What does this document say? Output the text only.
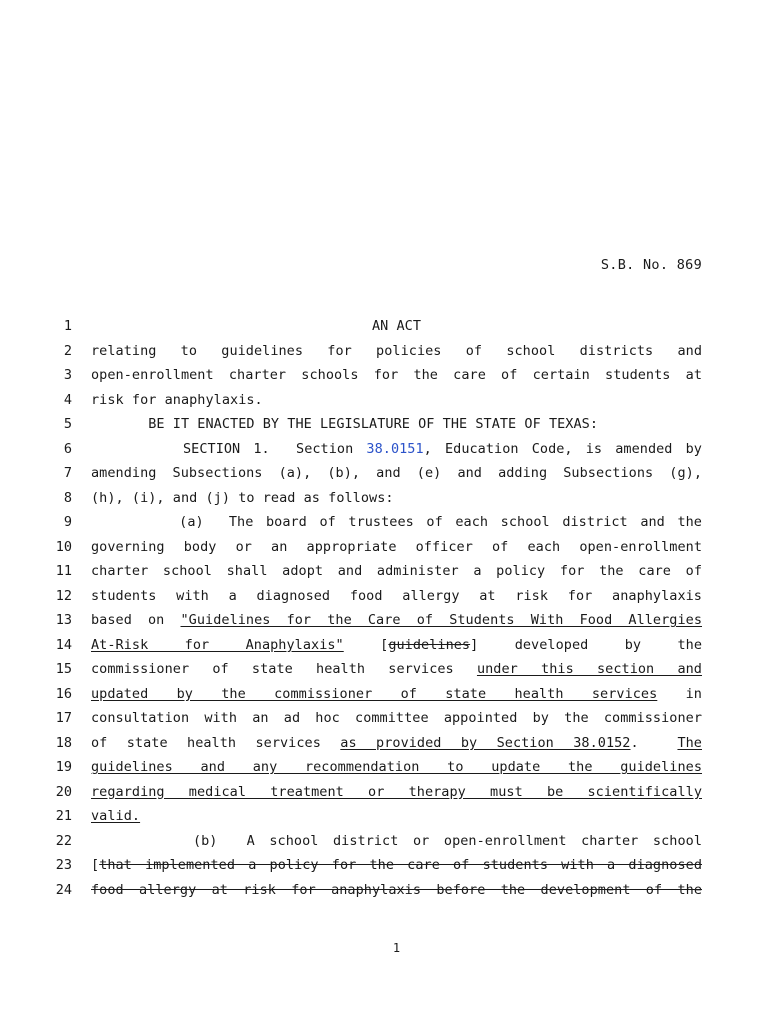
S.B. No. 869
1	AN ACT
2 relating to guidelines for policies of school districts and
3 open-enrollment charter schools for the care of certain students at
4 risk for anaphylaxis.
5 BE IT ENACTED BY THE LEGISLATURE OF THE STATE OF TEXAS:
6 SECTION 1.  Section 38.0151, Education Code, is amended by
7 amending Subsections (a), (b), and (e) and adding Subsections (g),
8 (h), (i), and (j) to read as follows:
9 (a)  The board of trustees of each school district and the
10 governing body or an appropriate officer of each open-enrollment
11 charter school shall adopt and administer a policy for the care of
12 students with a diagnosed food allergy at risk for anaphylaxis
13 based on "Guidelines for the Care of Students With Food Allergies
14 At-Risk for Anaphylaxis" [guidelines] developed by the
15 commissioner of state health services under this section and
16 updated by the commissioner of state health services in
17 consultation with an ad hoc committee appointed by the commissioner
18 of state health services as provided by Section 38.0152.  The
19 guidelines and any recommendation to update the guidelines
20 regarding medical treatment or therapy must be scientifically
21 valid.
22 (b)  A school district or open-enrollment charter school
23 [that implemented a policy for the care of students with a diagnosed
24 food allergy at risk for anaphylaxis before the development of the
1
